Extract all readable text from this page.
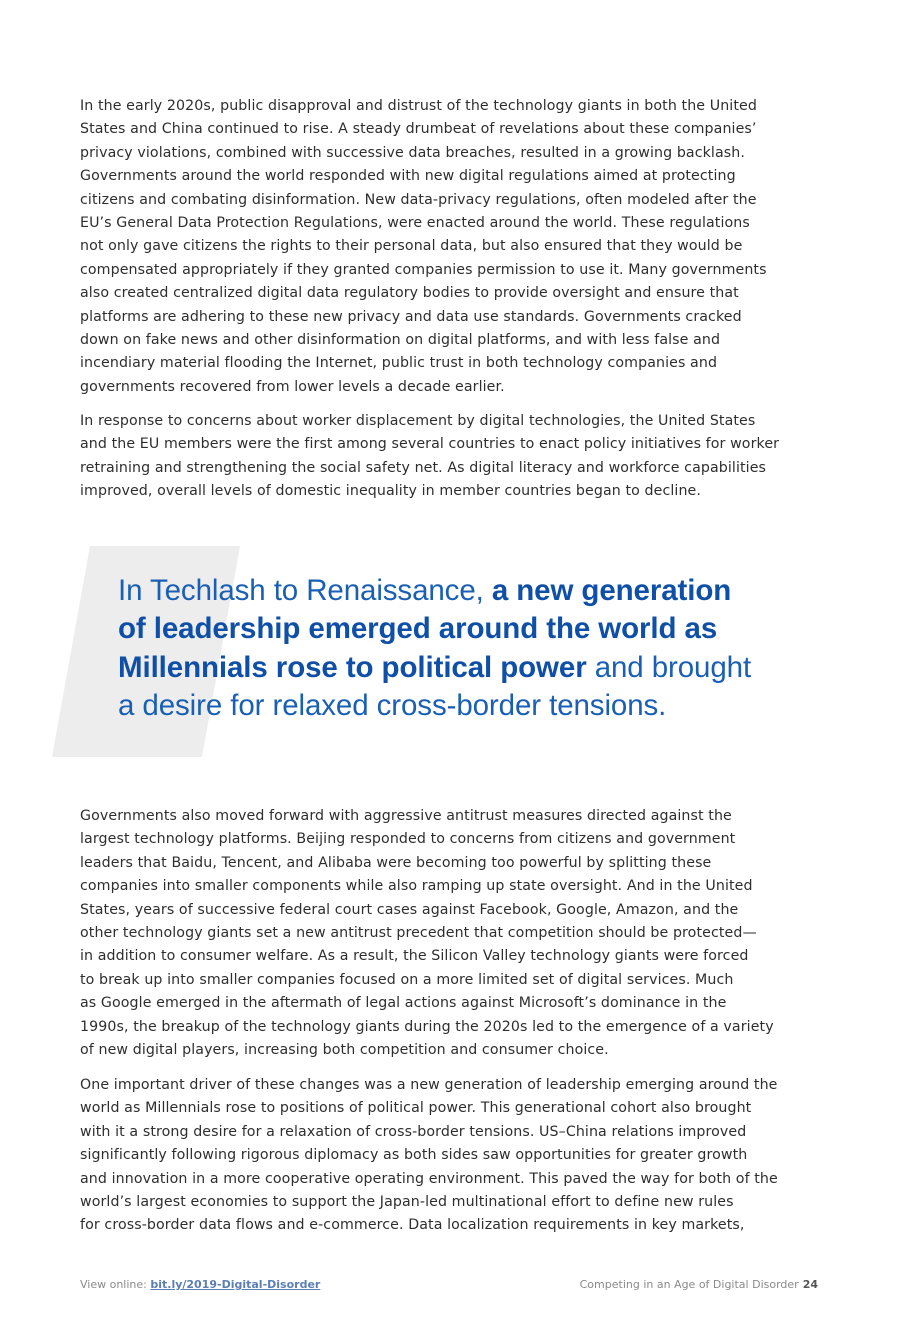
In the early 2020s, public disapproval and distrust of the technology giants in both the United
States and China continued to rise. A steady drumbeat of revelations about these companies’
privacy violations, combined with successive data breaches, resulted in a growing backlash.
Governments around the world responded with new digital regulations aimed at protecting
citizens and combating disinformation. New data-privacy regulations, often modeled after the
EU’s General Data Protection Regulations, were enacted around the world. These regulations
not only gave citizens the rights to their personal data, but also ensured that they would be
compensated appropriately if they granted companies permission to use it. Many governments
also created centralized digital data regulatory bodies to provide oversight and ensure that
platforms are adhering to these new privacy and data use standards. Governments cracked
down on fake news and other disinformation on digital platforms, and with less false and
incendiary material flooding the Internet, public trust in both technology companies and
governments recovered from lower levels a decade earlier.
In response to concerns about worker displacement by digital technologies, the United States
and the EU members were the first among several countries to enact policy initiatives for worker
retraining and strengthening the social safety net. As digital literacy and workforce capabilities
improved, overall levels of domestic inequality in member countries began to decline.
In Techlash to Renaissance, a new generation
of leadership emerged around the world as
Millennials rose to political power and brought
a desire for relaxed cross-border tensions.
Governments also moved forward with aggressive antitrust measures directed against the
largest technology platforms. Beijing responded to concerns from citizens and government
leaders that Baidu, Tencent, and Alibaba were becoming too powerful by splitting these
companies into smaller components while also ramping up state oversight. And in the United
States, years of successive federal court cases against Facebook, Google, Amazon, and the
other technology giants set a new antitrust precedent that competition should be protected—
in addition to consumer welfare. As a result, the Silicon Valley technology giants were forced
to break up into smaller companies focused on a more limited set of digital services. Much
as Google emerged in the aftermath of legal actions against Microsoft’s dominance in the
1990s, the breakup of the technology giants during the 2020s led to the emergence of a variety
of new digital players, increasing both competition and consumer choice.
One important driver of these changes was a new generation of leadership emerging around the
world as Millennials rose to positions of political power. This generational cohort also brought
with it a strong desire for a relaxation of cross-border tensions. US–China relations improved
significantly following rigorous diplomacy as both sides saw opportunities for greater growth
and innovation in a more cooperative operating environment. This paved the way for both of the
world’s largest economies to support the Japan-led multinational effort to define new rules
for cross-border data flows and e-commerce. Data localization requirements in key markets,
View online: bit.ly/2019-Digital-Disorder	Competing in an Age of Digital Disorder 24
